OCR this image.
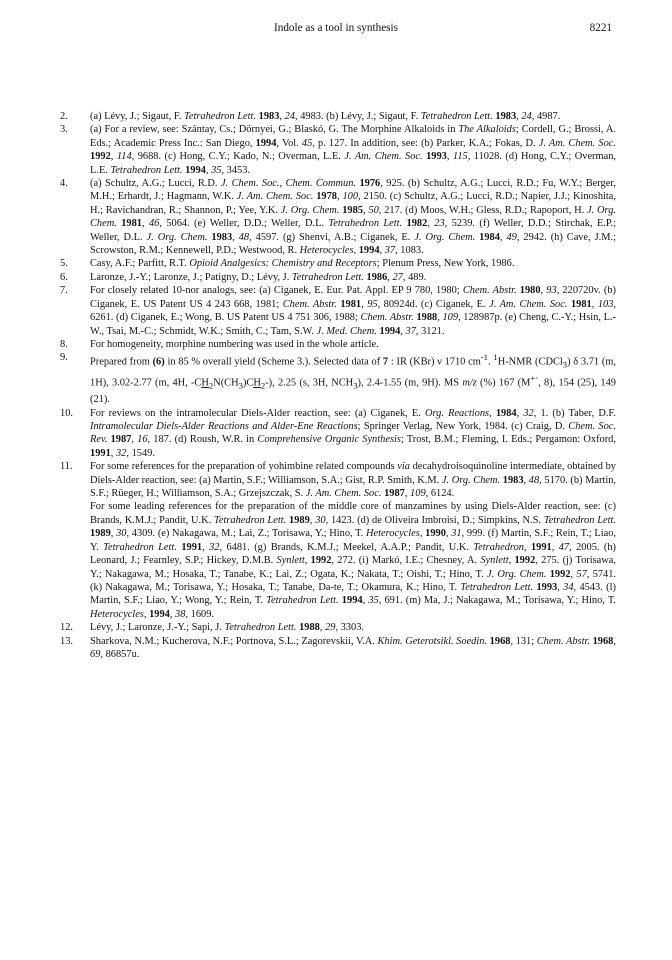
Indole as a tool in synthesis	8221
2.	(a) Lévy, J.; Sigaut, F. Tetrahedron Lett. 1983, 24, 4983. (b) Lévy, J.; Sigaut, F. Tetrahedron Lett. 1983, 24, 4987.
3.	(a) For a review, see: Szántay, Cs.; Dörnyei, G.; Blaskó, G. The Morphine Alkaloids in The Alkaloids; Cordell, G.; Brossi, A. Eds.; Academic Press Inc.: San Diego, 1994, Vol. 45, p. 127. In addition, see: (b) Parker, K.A.; Fokas, D. J. Am. Chem. Soc. 1992, 114, 9688. (c) Hong, C.Y.; Kado, N.; Overman, L.E. J. Am. Chem. Soc. 1993, 115, 11028. (d) Hong, C.Y.; Overman, L.E. Tetrahedron Lett. 1994, 35, 3453.
4.	(a) Schultz, A.G.; Lucci, R.D. J. Chem. Soc., Chem. Commun. 1976, 925. (b) Schultz, A.G.; Lucci, R.D.; Fu, W.Y.; Berger, M.H.; Erhardt, J.; Hagmann, W.K. J. Am. Chem. Soc. 1978, 100, 2150. (c) Schultz, A.G.; Lucci, R.D.; Napier, J.J.; Kinoshita, H.; Ravichandran, R.; Shannon, P.; Yee, Y.K. J. Org. Chem. 1985, 50, 217. (d) Moos, W.H.; Gless, R.D.; Rapoport, H. J. Org. Chem. 1981, 46, 5064. (e) Weller, D.D.; Weller, D.L. Tetrahedron Lett. 1982, 23, 5239. (f) Weller, D.D.; Stirchak, E.P.; Weller, D.L. J. Org. Chem. 1983, 48, 4597. (g) Shenvi, A.B.; Ciganek, E. J. Org. Chem. 1984, 49, 2942. (h) Cave, J.M.; Scrowston, R.M.; Kennewell, P.D.; Westwood, R. Heterocycles, 1994, 37, 1083.
5.	Casy, A.F.; Parfitt, R.T. Opioid Analgesics: Chemistry and Receptors; Plenum Press, New York, 1986.
6.	Laronze, J.-Y.; Laronze, J.; Patigny, D.; Lévy, J. Tetrahedron Lett. 1986, 27, 489.
7.	For closely related 10-nor analogs, see: (a) Ciganek, E. Eur. Pat. Appl. EP 9 780, 1980; Chem. Abstr. 1980, 93, 220720v. (b) Ciganek, E. US Patent US 4 243 668, 1981; Chem. Abstr. 1981, 95, 80924d. (c) Ciganek, E. J. Am. Chem. Soc. 1981, 103, 6261. (d) Ciganek, E.; Wong, B. US Patent US 4 751 306, 1988; Chem. Abstr. 1988, 109, 128987p. (e) Cheng, C.-Y.; Hsin, L.-W., Tsai, M.-C.; Schmidt, W.K.; Smith, C.; Tam, S.W. J. Med. Chem. 1994, 37, 3121.
8.	For homogeneity, morphine numbering was used in the whole article.
9.	Prepared from (6) in 85 % overall yield (Scheme 3.). Selected data of 7 : IR (KBr) ν 1710 $cm^{-1}$. $^1$H-NMR (CDCl$_3$) δ 3.71 (m, 1H), 3.02-2.77 (m, 4H, $-CH_2N(CH_3)CH_2-$), 2.25 (s, 3H, $NCH_3$), 2.4-1.55 (m, 9H). MS m/z (%) 167 (M+·, 8), 154 (25), 149 (21).
10.	For reviews on the intramolecular Diels-Alder reaction, see: (a) Ciganek, E. Org. Reactions, 1984, 32, 1. (b) Taber, D.F. Intramolecular Diels-Alder Reactions and Alder-Ene Reactions; Springer Verlag, New York, 1984. (c) Craig, D. Chem. Soc. Rev. 1987, 16, 187. (d) Roush, W.R. in Comprehensive Organic Synthesis; Trost, B.M.; Fleming, I. Eds.; Pergamon: Oxford, 1991, 32, 1549.
11.	For some references for the preparation of yohimbine related compounds via decahydroisoquinoline intermediate, obtained by Diels-Alder reaction, see: (a) Martin, S.F.; Williamson, S.A.; Gist, R.P. Smith, K.M. J. Org. Chem. 1983, 48, 5170. (b) Martin, S.F.; Rüeger, H.; Williamson, S.A.; Grzejszczak, S. J. Am. Chem. Soc. 1987, 109, 6124.
For some leading references for the preparation of the middle core of manzamines by using Diels-Alder reaction, see: (c) Brands, K.M.J.; Pandit, U.K. Tetrahedron Lett. 1989, 30, 1423. (d) de Oliveira Imbroisi, D.; Simpkins, N.S. Tetrahedron Lett. 1989, 30, 4309. (e) Nakagawa, M.; Lai, Z.; Torisawa, Y.; Hino, T. Heterocycles, 1990, 31, 999. (f) Martin, S.F.; Rein, T.; Liao, Y. Tetrahedron Lett. 1991, 32, 6481. (g) Brands, K.M.J.; Meekel, A.A.P.; Pandit, U.K. Tetrahedron, 1991, 47, 2005. (h) Leonard, J.; Fearnley, S.P.; Hickey, D.M.B. Synlett, 1992, 272. (i) Markó, I.E.; Chesney, A. Synlett, 1992, 275. (j) Torisawa, Y.; Nakagawa, M.; Hosaka, T.; Tanabe, K.; Lai, Z.; Ogata, K.; Nakata, T.; Oishi, T.; Hino, T. J. Org. Chem. 1992, 57, 5741. (k) Nakagawa, M.; Torisawa, Y.; Hosaka, T.; Tanabe, Da-te, T.; Okamura, K.; Hino, T. Tetrahedron Lett. 1993, 34, 4543. (l) Martin, S.F.; Liao, Y.; Wong, Y.; Rein, T. Tetrahedron Lett. 1994, 35, 691. (m) Ma, J.; Nakagawa, M.; Torisawa, Y.; Hino, T. Heterocycles, 1994, 38, 1609.
12.	Lévy, J.; Laronze, J.-Y.; Sapi, J. Tetrahedron Lett. 1988, 29, 3303.
13.	Sharkova, N.M.; Kucherova, N.F.; Portnova, S.L.; Zagorevskii, V.A. Khim. Geterotsikl. Soedin. 1968, 131; Chem. Abstr. 1968, 69, 86857u.
